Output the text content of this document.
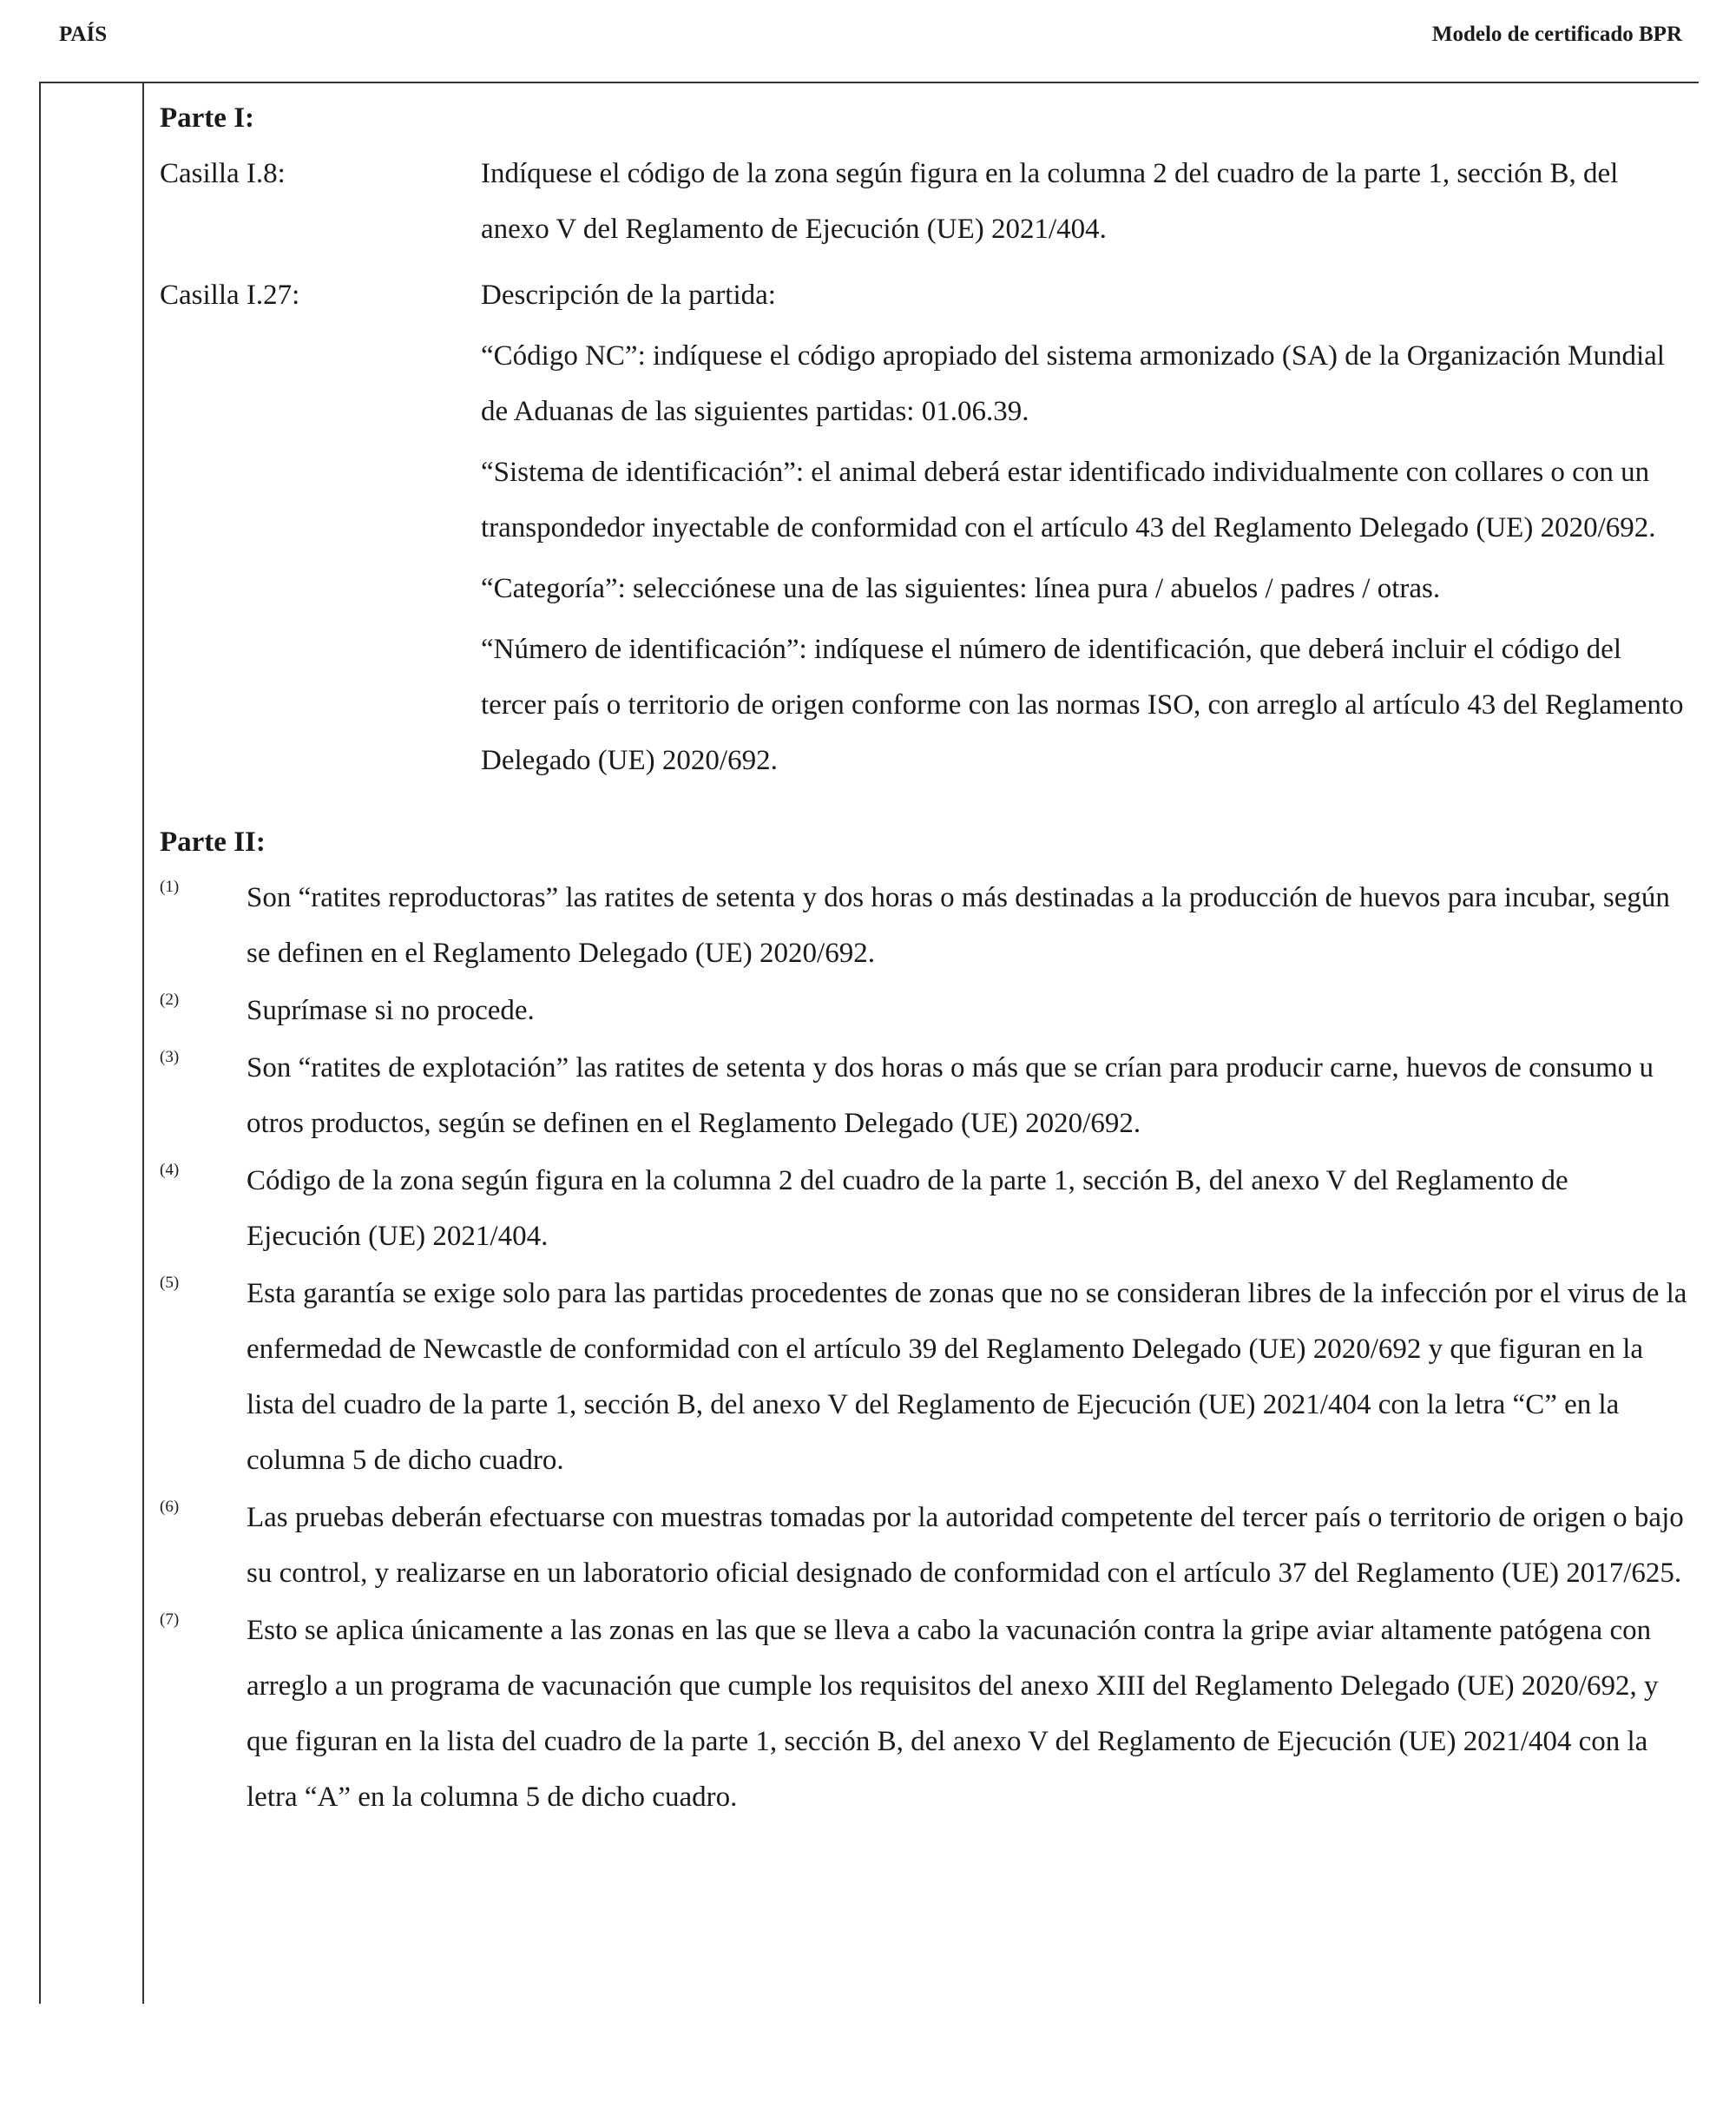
PAÍS	Modelo de certificado BPR
Parte I:
Casilla I.8:	Indíquese el código de la zona según figura en la columna 2 del cuadro de la parte 1, sección B, del anexo V del Reglamento de Ejecución (UE) 2021/404.

Casilla I.27:	Descripción de la partida:

“Código NC”: indíquese el código apropiado del sistema armonizado (SA) de la Organización Mundial de Aduanas de las siguientes partidas: 01.06.39.

“Sistema de identificación”: el animal deberá estar identificado individualmente con collares o con un transpondedor inyectable de conformidad con el artículo 43 del Reglamento Delegado (UE) 2020/692.

“Categoría”: selecciónese una de las siguientes: línea pura / abuelos / padres / otras.

“Número de identificación”: indíquese el número de identificación, que deberá incluir el código del tercer país o territorio de origen conforme con las normas ISO, con arreglo al artículo 43 del Reglamento Delegado (UE) 2020/692.

Parte II:
(1)	Son “ratites reproductoras” las ratites de setenta y dos horas o más destinadas a la producción de huevos para incubar, según se definen en el Reglamento Delegado (UE) 2020/692.
(2)	Suprímase si no procede.
(3)	Son “ratites de explotación” las ratites de setenta y dos horas o más que se crían para producir carne, huevos de consumo u otros productos, según se definen en el Reglamento Delegado (UE) 2020/692.
(4)	Código de la zona según figura en la columna 2 del cuadro de la parte 1, sección B, del anexo V del Reglamento de Ejecución (UE) 2021/404.
(5)	Esta garantía se exige solo para las partidas procedentes de zonas que no se consideran libres de la infección por el virus de la enfermedad de Newcastle de conformidad con el artículo 39 del Reglamento Delegado (UE) 2020/692 y que figuran en la lista del cuadro de la parte 1, sección B, del anexo V del Reglamento de Ejecución (UE) 2021/404 con la letra “C” en la columna 5 de dicho cuadro.
(6)	Las pruebas deberán efectuarse con muestras tomadas por la autoridad competente del tercer país o territorio de origen o bajo su control, y realizarse en un laboratorio oficial designado de conformidad con el artículo 37 del Reglamento (UE) 2017/625.
(7)	Esto se aplica únicamente a las zonas en las que se lleva a cabo la vacunación contra la gripe aviar altamente patógena con arreglo a un programa de vacunación que cumple los requisitos del anexo XIII del Reglamento Delegado (UE) 2020/692, y que figuran en la lista del cuadro de la parte 1, sección B, del anexo V del Reglamento de Ejecución (UE) 2021/404 con la letra “A” en la columna 5 de dicho cuadro.
